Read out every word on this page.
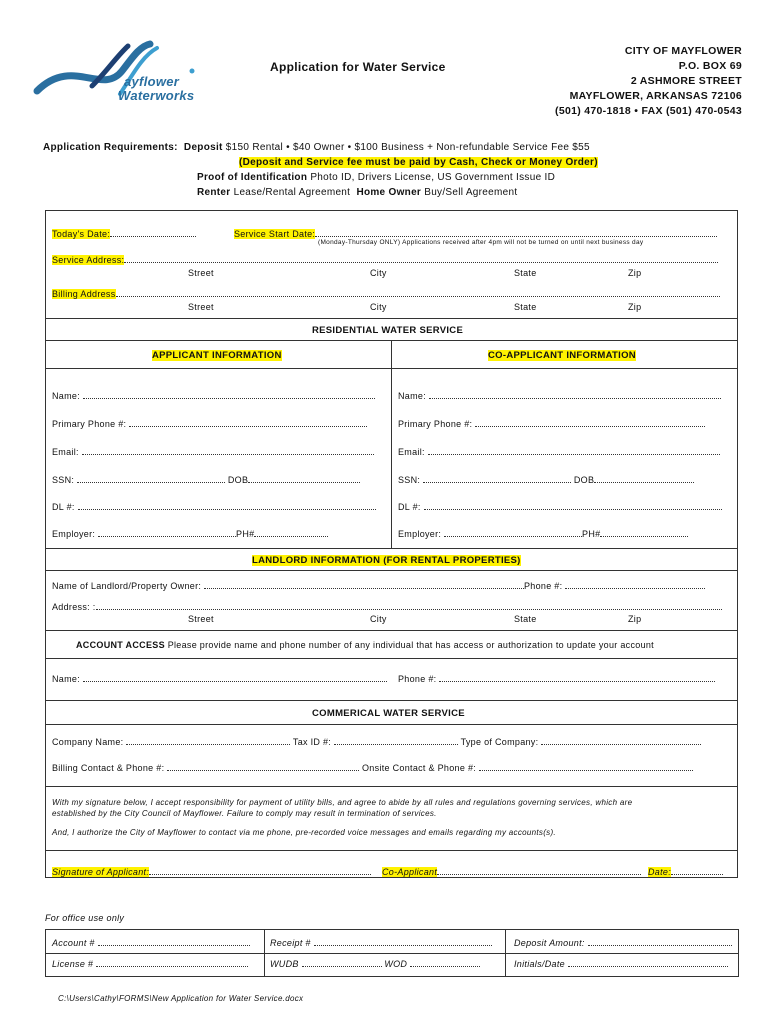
ayflower
Waterworks
Application for Water Service
CITY OF MAYFLOWER
P.O. BOX 69
2 ASHMORE STREET
MAYFLOWER, ARKANSAS 72106
(501) 470-1818 • FAX (501) 470-0543
Application Requirements: Deposit $150 Rental • $40 Owner • $100 Business + Non-refundable Service Fee $55
(Deposit and Service fee must be paid by Cash, Check or Money Order)
Proof of Identification Photo ID, Drivers License, US Government Issue ID
Renter Lease/Rental Agreement Home Owner Buy/Sell Agreement
Today's Date:	Service Start Date:
(Monday-Thursday ONLY) Applications received after 4pm will not be turned on until next business day
Service Address:
Street	City	State	Zip
Billing Address
Street	City	State	Zip
RESIDENTIAL WATER SERVICE
APPLICANT INFORMATION	CO-APPLICANT INFORMATION
Name:
Primary Phone #:
Email:
SSN:	DOB
DL #:
Employer:	PH#
Name:
Primary Phone #:
Email:
SSN:	DOB
DL #:
Employer:	PH#
LANDLORD INFORMATION (FOR RENTAL PROPERTIES)
Name of Landlord/Property Owner:	Phone #:
Address: :
Street	City	State	Zip
ACCOUNT ACCESS Please provide name and phone number of any individual that has access or authorization to update your account
Name:	Phone #:
COMMERICAL WATER SERVICE
Company Name:	Tax ID #:	Type of Company:
Billing Contact & Phone #:	Onsite Contact & Phone #:
With my signature below, I accept responsibility for payment of utility bills, and agree to abide by all rules and regulations governing services, which are
established by the City Council of Mayflower. Failure to comply may result in termination of services.
And, I authorize the City of Mayflower to contact via me phone, pre-recorded voice messages and emails regarding my accounts(s).
Signature of Applicant:	Co-Applicant	Date:
For office use only
Account #	Receipt #	Deposit Amount:
License #	WUDB	WOD	Initials/Date
C:\Users\Cathy\FORMS\New Application for Water Service.docx
